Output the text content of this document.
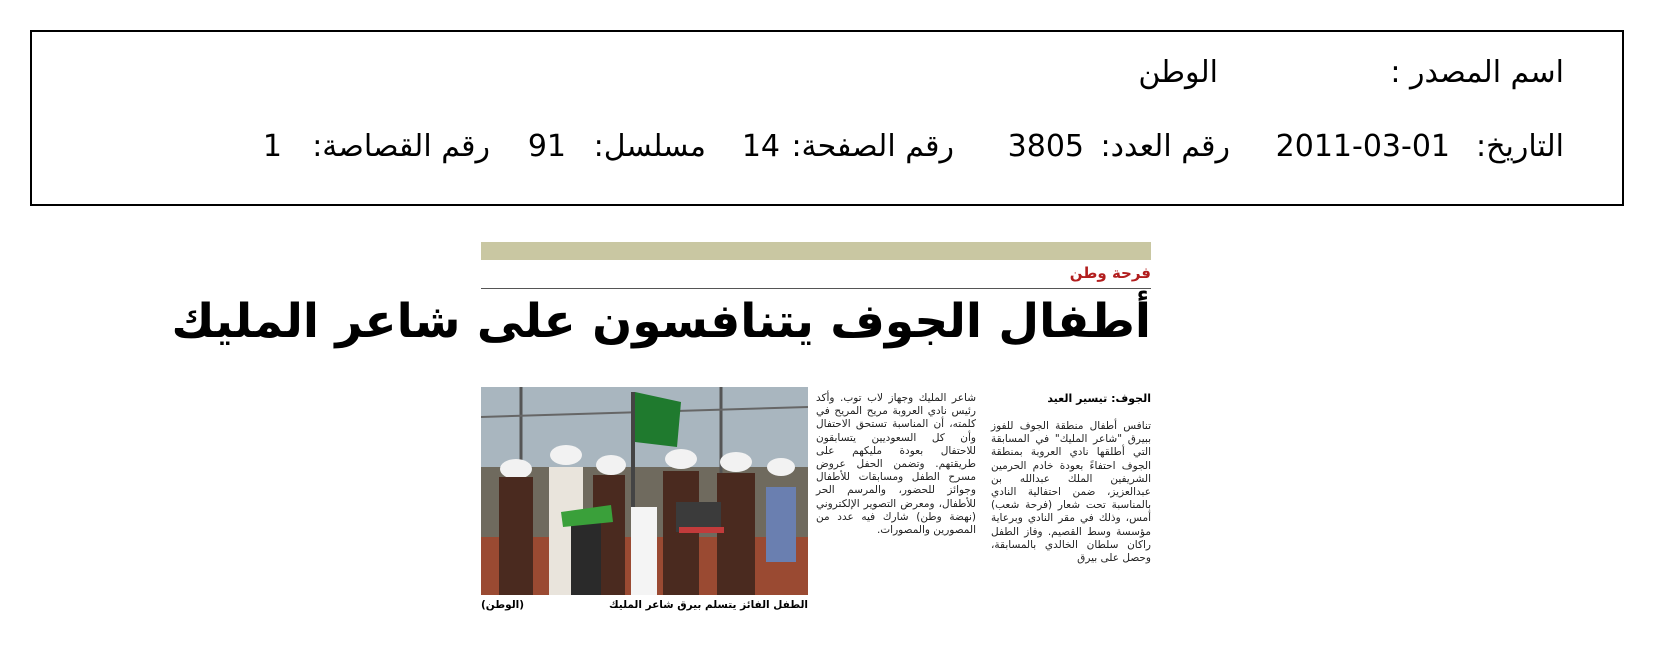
اسم المصدر :
الوطن
التاريخ:
2011-03-01
رقم العدد:
3805
رقم الصفحة:
14
مسلسل:
91
رقم القصاصة:
1
فرحة وطن
أطفال الجوف يتنافسون على شاعر المليك
الجوف: تيسير العيد
تنافس أطفال منطقة الجوف للفوز ببيرق "شاعر المليك" في المسابقة التي أطلقها نادي العروبة بمنطقة الجوف احتفاءً بعودة خادم الحرمين الشريفين الملك عبدالله بن عبدالعزيز، ضمن احتفالية النادي بالمناسبة تحت شعار (فرحة شعب) أمس، وذلك في مقر النادي وبرعاية مؤسسة وسط القصيم. وفاز الطفل راكان سلطان الخالدي بالمسابقة، وحصل على بيرق
شاعر المليك وجهاز لاب توب. وأكد رئيس نادي العروبة مريح المريح في كلمته، أن المناسبة تستحق الاحتفال وأن كل السعوديين يتسابقون للاحتفال بعودة مليكهم على طريقتهم. وتضمن الحفل عروض مسرح الطفل ومسابقات للأطفال وجوائز للحضور، والمرسم الحر للأطفال، ومعرض التصوير الإلكتروني (نهضة وطن) شارك فيه عدد من المصورين والمصورات.
الطفل الفائز يتسلم بيرق شاعر المليك
(الوطن)
